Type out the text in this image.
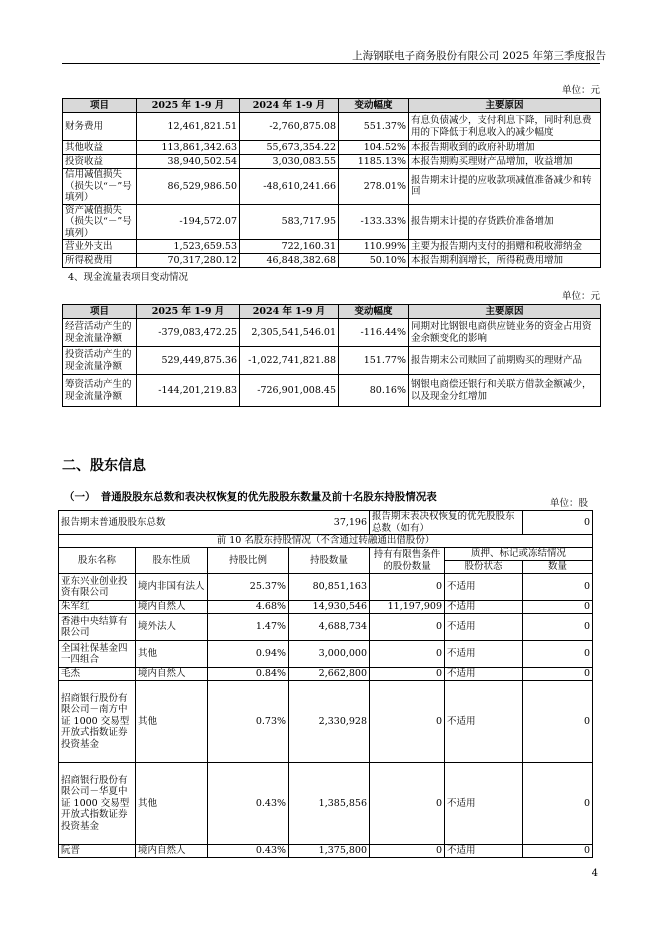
上海钢联电子商务股份有限公司 2025 年第三季度报告
单位：元
项目	2025 年 1-9 月	2024 年 1-9 月	变动幅度	主要原因
财务费用	12,461,821.51	-2,760,875.08	551.37%	有息负债减少，支付利息下降，同时利息费用的下降低于利息收入的减少幅度
其他收益	113,861,342.63	55,673,354.22	104.52%	本报告期收到的政府补助增加
投资收益	38,940,502.54	3,030,083.55	1185.13%	本报告期购买理财产品增加，收益增加
信用减值损失（损失以“－”号填列）	86,529,986.50	-48,610,241.66	278.01%	报告期末计提的应收款项减值准备减少和转回
资产减值损失（损失以“－”号填列）	-194,572.07	583,717.95	-133.33%	报告期末计提的存货跌价准备增加
营业外支出	1,523,659.53	722,160.31	110.99%	主要为报告期内支付的捐赠和税收滞纳金
所得税费用	70,317,280.12	46,848,382.68	50.10%	本报告期利润增长，所得税费用增加
4、现金流量表项目变动情况
单位：元
项目	2025 年 1-9 月	2024 年 1-9 月	变动幅度	主要原因
经营活动产生的现金流量净额	-379,083,472.25	2,305,541,546.01	-116.44%	同期对比钢银电商供应链业务的资金占用资金余额变化的影响
投资活动产生的现金流量净额	529,449,875.36	-1,022,741,821.88	151.77%	报告期末公司赎回了前期购买的理财产品
筹资活动产生的现金流量净额	-144,201,219.83	-726,901,008.45	80.16%	钢银电商偿还银行和关联方借款金额减少，以及现金分红增加
二、股东信息
（一）　普通股股东总数和表决权恢复的优先股股东数量及前十名股东持股情况表
单位：股
报告期末普通股股东总数			37,196	报告期末表决权恢复的优先股股东总数（如有）		0
前 10 名股东持股情况（不含通过转融通出借股份）						
股东名称	股东性质	持股比例	持股数量	持有有限售条件的股份数量	质押、标记或冻结情况	
					股份状态	数量
亚东兴业创业投资有限公司	境内非国有法人	25.37%	80,851,163	0	不适用	0
朱军红	境内自然人	4.68%	14,930,546	11,197,909	不适用	0
香港中央结算有限公司	境外法人	1.47%	4,688,734	0	不适用	0
全国社保基金四一四组合	其他	0.94%	3,000,000	0	不适用	0
毛杰	境内自然人	0.84%	2,662,800	0	不适用	0
招商银行股份有限公司－南方中证 1000 交易型开放式指数证券投资基金	其他	0.73%	2,330,928	0	不适用	0
招商银行股份有限公司－华夏中证 1000 交易型开放式指数证券投资基金	其他	0.43%	1,385,856	0	不适用	0
阮晋	境内自然人	0.43%	1,375,800	0	不适用	0
4
